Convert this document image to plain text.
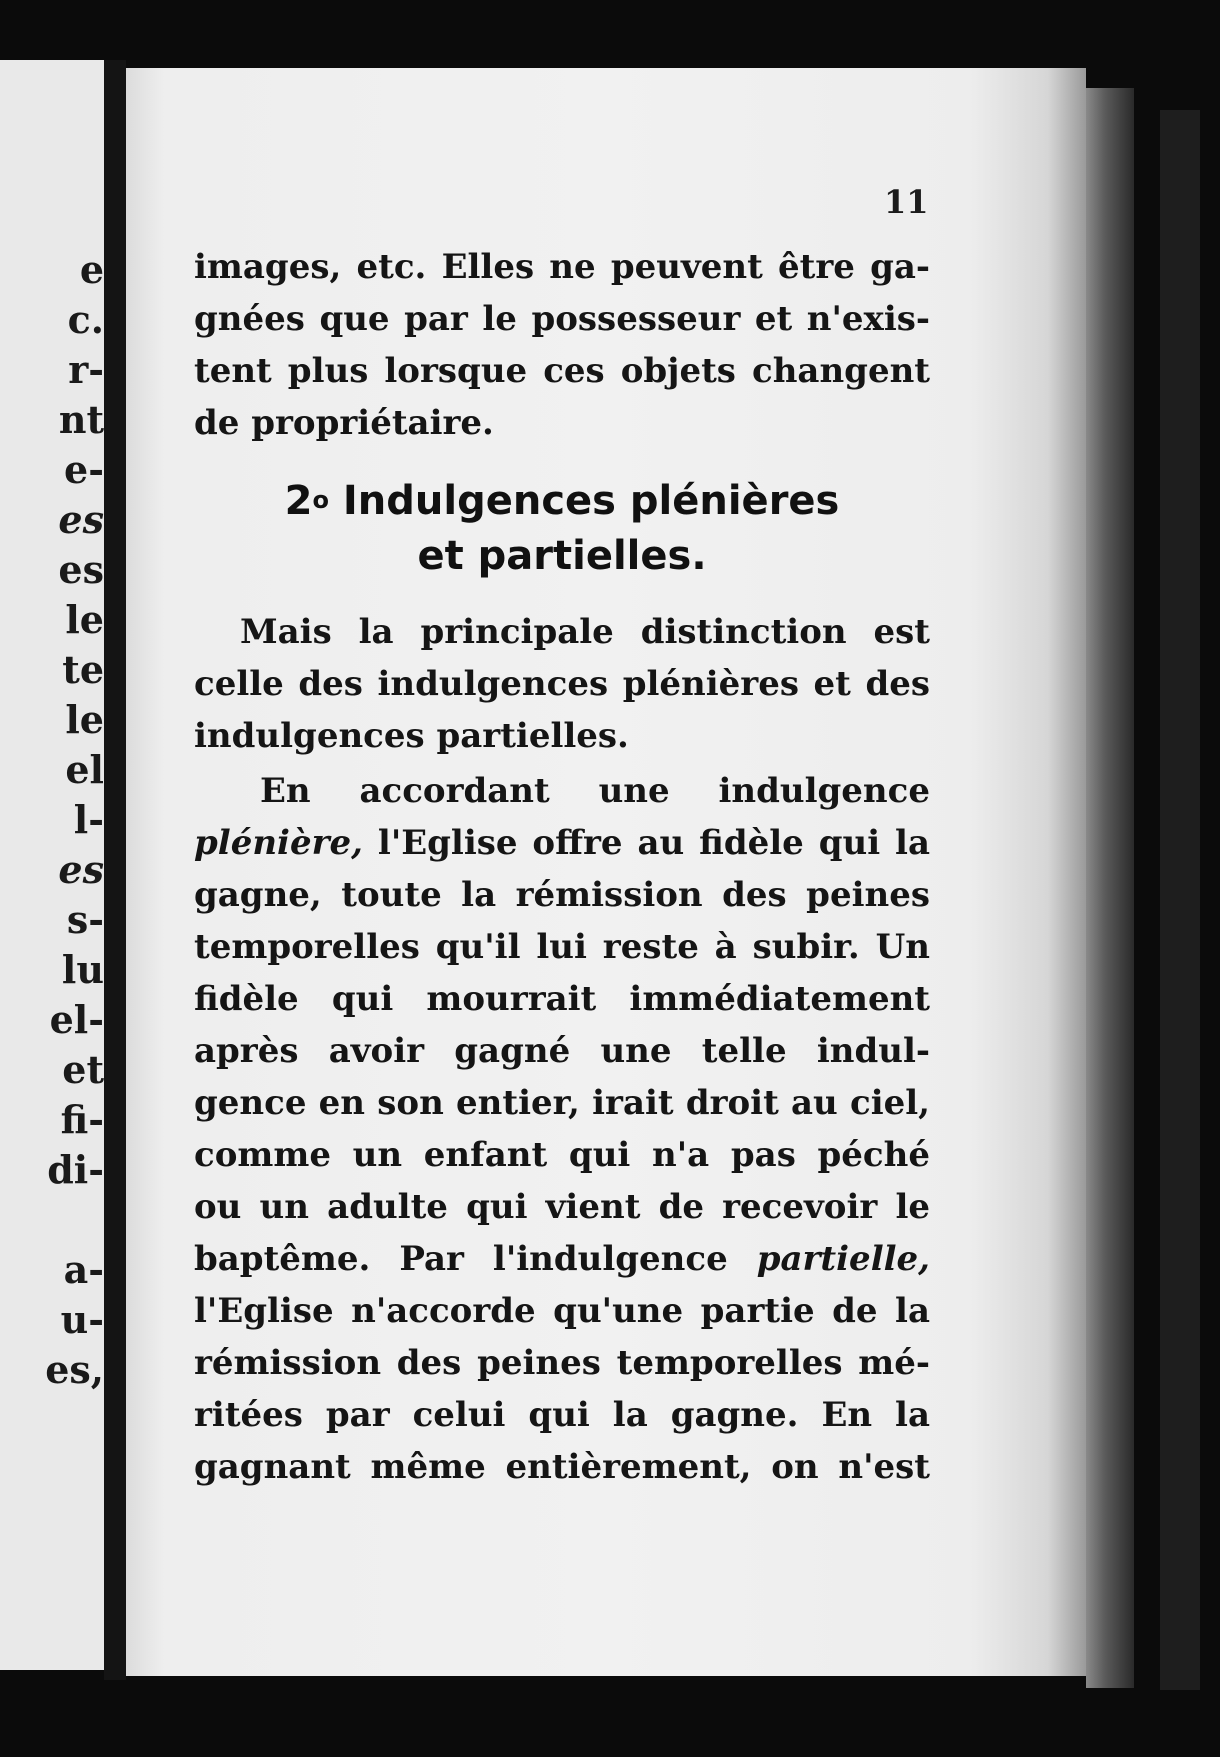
e
c.
r-
nt
e-
es
es
le
te
le
el
l-
es
s-
lu
el-
et
fi-
di-
a-
u-
es,
11
images, etc. Elles ne peuvent être ga-
gnées que par le possesseur et n'exis-
tent plus lorsque ces objets changent
de propriétaire.
2$^o$ Indulgences plénières
et partielles.
Mais la principale distinction est
celle des indulgences plénières et des
indulgences partielles.
En accordant une indulgence
plénière, l'Eglise offre au fidèle qui la
gagne, toute la rémission des peines
temporelles qu'il lui reste à subir. Un
fidèle qui mourrait immédiatement
après avoir gagné une telle indul-
gence en son entier, irait droit au ciel,
comme un enfant qui n'a pas péché
ou un adulte qui vient de recevoir le
baptême. Par l'indulgence partielle,
l'Eglise n'accorde qu'une partie de la
rémission des peines temporelles mé-
ritées par celui qui la gagne. En la
gagnant même entièrement, on n'est
